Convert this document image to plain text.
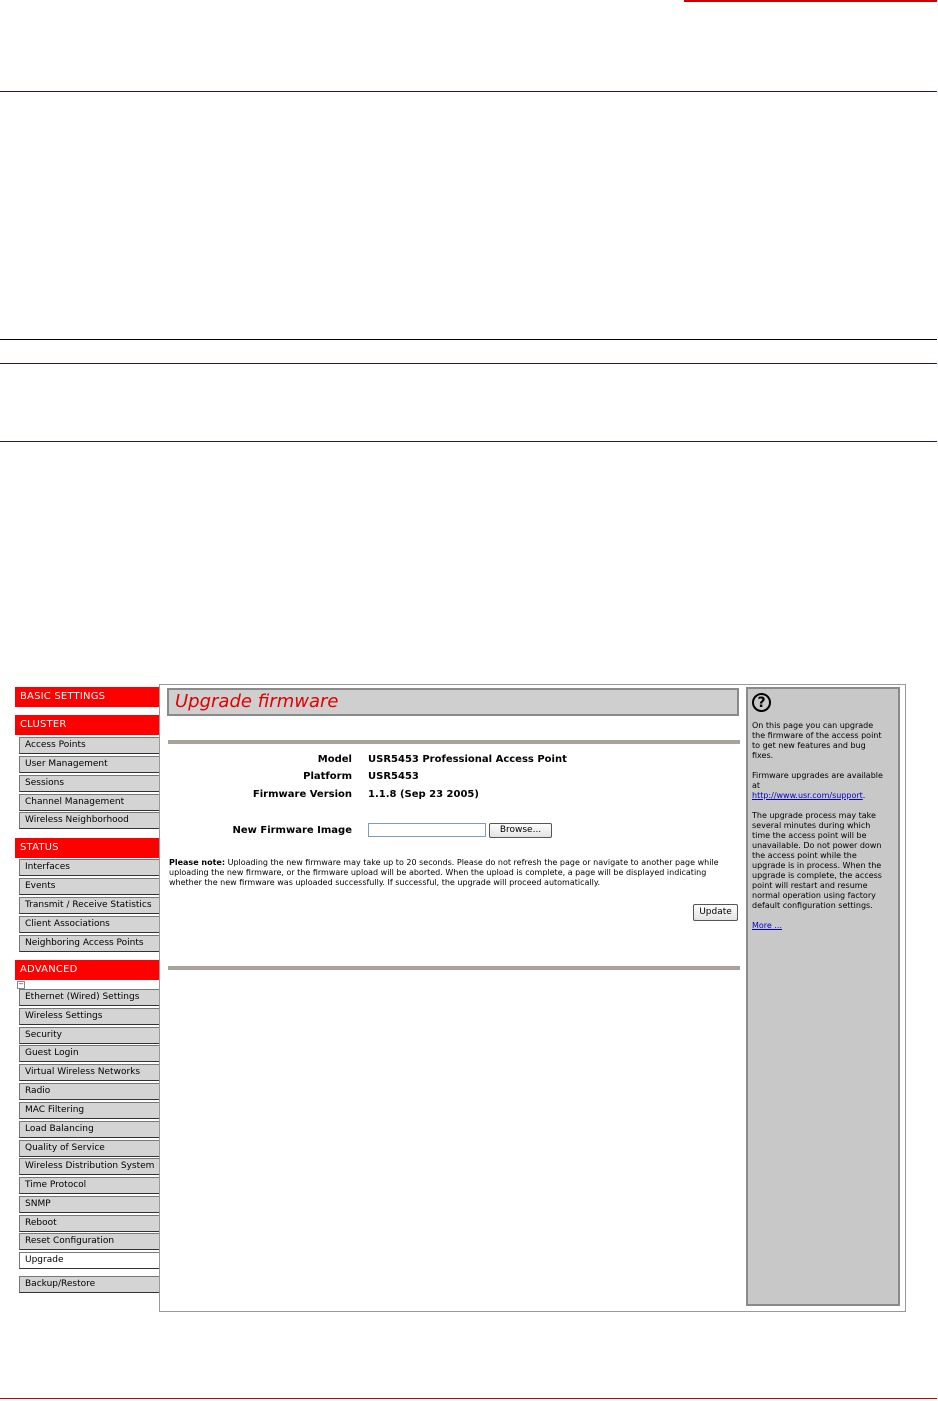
BASIC SETTINGS
CLUSTER
Access Points
User Management
Sessions
Channel Management
Wireless Neighborhood
STATUS
Interfaces
Events
Transmit / Receive Statistics
Client Associations
Neighboring Access Points
ADVANCED
Ethernet (Wired) Settings
Wireless Settings
Security
Guest Login
Virtual Wireless Networks
Radio
MAC Filtering
Load Balancing
Quality of Service
Wireless Distribution System
Time Protocol
SNMP
Reboot
Reset Configuration
Upgrade
Backup/Restore
−
Upgrade firmware
Model USR5453 Professional Access Point
Platform USR5453
Firmware Version 1.1.8 (Sep 23 2005)
New Firmware Image	Browse...
Please note: Uploading the new firmware may take up to 20 seconds. Please do not refresh the page or navigate to another page while uploading the new firmware, or the firmware upload will be aborted. When the upload is complete, a page will be displayed indicating whether the new firmware was uploaded successfully. If successful, the upgrade will proceed automatically.
Update
?

On this page you can upgrade the firmware of the access point to get new features and bug fixes.

Firmware upgrades are available at
http://www.usr.com/support.

The upgrade process may take several minutes during which time the access point will be unavailable. Do not power down the access point while the upgrade is in process. When the upgrade is complete, the access point will restart and resume normal operation using factory default configuration settings.

More ...
